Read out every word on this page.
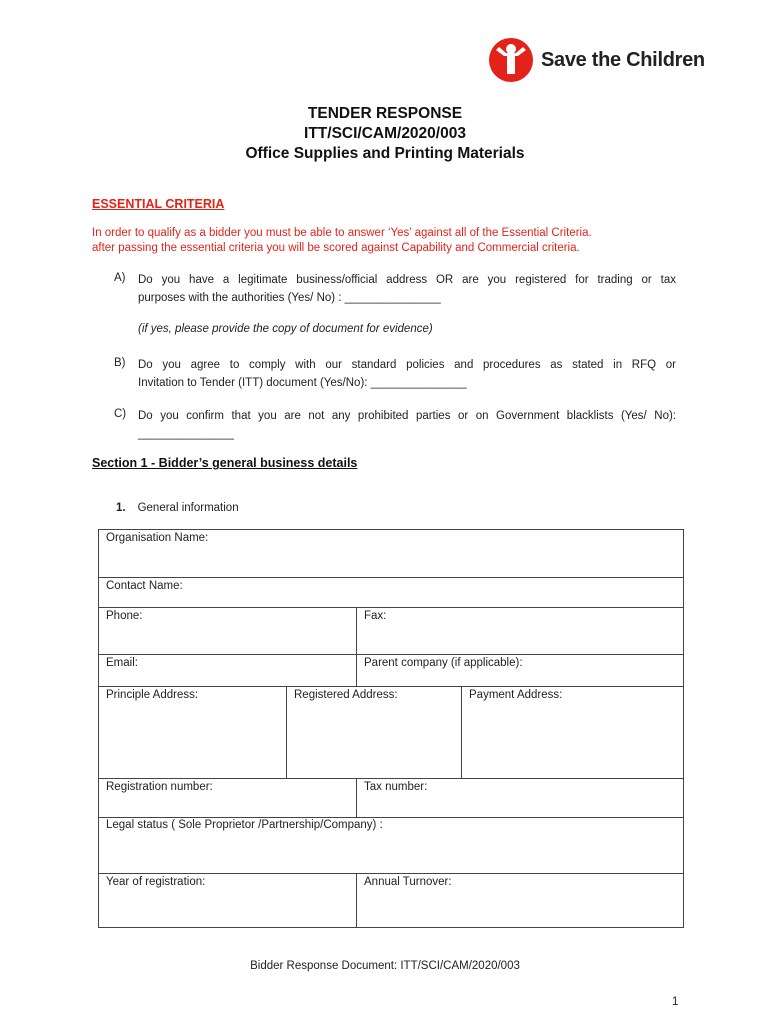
Save the Children
TENDER RESPONSE
ITT/SCI/CAM/2020/003
Office Supplies and Printing Materials
ESSENTIAL CRITERIA
In order to qualify as a bidder you must be able to answer ‘Yes’ against all of the Essential Criteria.
after passing the essential criteria you will be scored against Capability and Commercial criteria.
A) Do you have a legitimate business/official address OR are you registered for trading or tax
purposes with the authorities (Yes/ No) : _______________
(if yes, please provide the copy of document for evidence)
B) Do you agree to comply with our standard policies and procedures as stated in RFQ or
Invitation to Tender (ITT) document (Yes/No): _______________
C) Do you confirm that you are not any prohibited parties or on Government blacklists (Yes/ No):
_______________
Section 1 - Bidder’s general business details
1. General information
Organisation Name:
Contact Name:
Phone:	Fax:
Email:	Parent company (if applicable):
Principle Address:	Registered Address:	Payment Address:
Registration number:	Tax number:
Legal status ( Sole Proprietor /Partnership/Company) :
Year of registration:	Annual Turnover:
Bidder Response Document: ITT/SCI/CAM/2020/003
1
